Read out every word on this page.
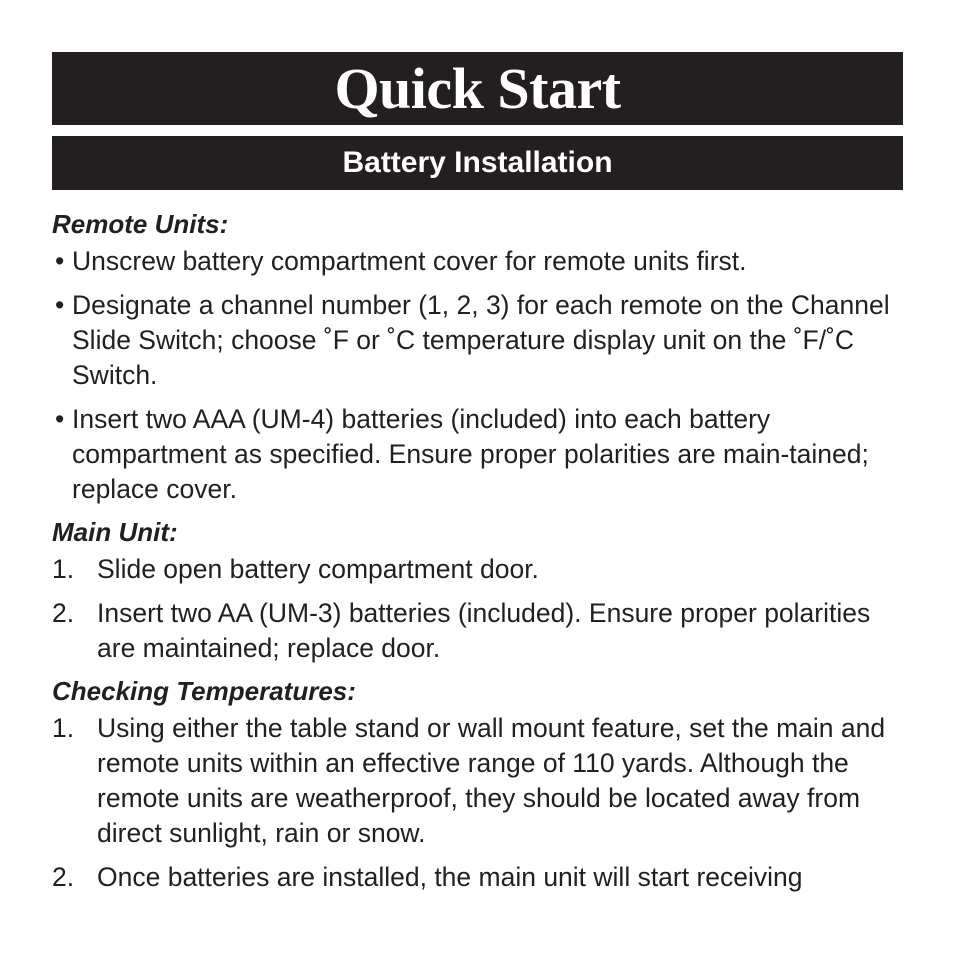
Quick Start
Battery Installation
Remote Units:
• Unscrew battery compartment cover for remote units first.
• Designate a channel number (1, 2, 3) for each remote on the Channel Slide Switch; choose ˚F or ˚C temperature display unit on the ˚F/˚C Switch.
• Insert two AAA (UM-4) batteries (included) into each battery compartment as specified. Ensure proper polarities are main-tained; replace cover.
Main Unit:
1. Slide open battery compartment door.
2. Insert two AA (UM-3) batteries (included). Ensure proper polarities are maintained; replace door.
Checking Temperatures:
1. Using either the table stand or wall mount feature, set the main and remote units within an effective range of 110 yards. Although the remote units are weatherproof, they should be located away from direct sunlight, rain or snow.
2. Once batteries are installed, the main unit will start receiving
